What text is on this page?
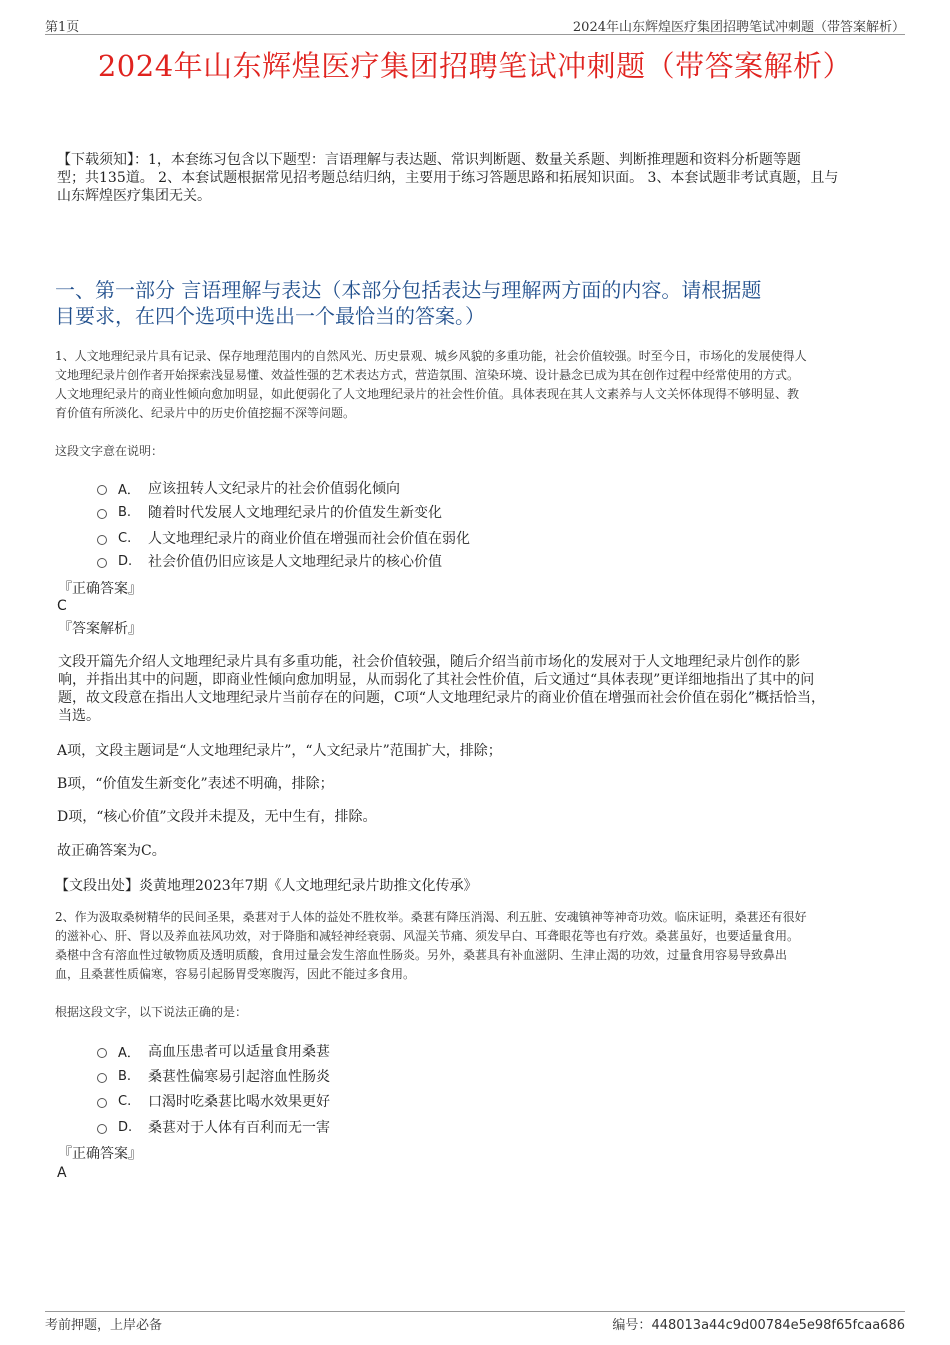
第1页	2024年山东辉煌医疗集团招聘笔试冲刺题（带答案解析）
2024年山东辉煌医疗集团招聘笔试冲刺题（带答案解析）
【下载须知】：1，本套练习包含以下题型：言语理解与表达题、常识判断题、数量关系题、判断推理题和资料分析题等题
型；共135道。 2、本套试题根据常见招考题总结归纳，主要用于练习答题思路和拓展知识面。 3、本套试题非考试真题，且与
山东辉煌医疗集团无关。
一、第一部分 言语理解与表达（本部分包括表达与理解两方面的内容。请根据题
目要求，在四个选项中选出一个最恰当的答案。）
1、人文地理纪录片具有记录、保存地理范围内的自然风光、历史景观、城乡风貌的多重功能，社会价值较强。时至今日，市场化的发展使得人
文地理纪录片创作者开始探索浅显易懂、效益性强的艺术表达方式，营造氛围、渲染环境、设计悬念已成为其在创作过程中经常使用的方式。
人文地理纪录片的商业性倾向愈加明显，如此便弱化了人文地理纪录片的社会性价值。具体表现在其人文素养与人文关怀体现得不够明显、教
育价值有所淡化、纪录片中的历史价值挖掘不深等问题。
这段文字意在说明：
A． 应该扭转人文纪录片的社会价值弱化倾向
B.	随着时代发展人文地理纪录片的价值发生新变化
C.	人文地理纪录片的商业价值在增强而社会价值在弱化
D.	社会价值仍旧应该是人文地理纪录片的核心价值
『正确答案』
C
『答案解析』
文段开篇先介绍人文地理纪录片具有多重功能，社会价值较强，随后介绍当前市场化的发展对于人文地理纪录片创作的影
响，并指出其中的问题，即商业性倾向愈加明显，从而弱化了其社会性价值，后文通过“具体表现”更详细地指出了其中的问
题，故文段意在指出人文地理纪录片当前存在的问题，C项“人文地理纪录片的商业价值在增强而社会价值在弱化”概括恰当，
当选。
A项，文段主题词是“人文地理纪录片”，“人文纪录片”范围扩大，排除；
B项，“价值发生新变化”表述不明确，排除；
D项，“核心价值”文段并未提及，无中生有，排除。
故正确答案为C。
【文段出处】炎黄地理2023年7期《人文地理纪录片助推文化传承》
2、作为汲取桑树精华的民间圣果，桑葚对于人体的益处不胜枚举。桑葚有降压消渴、利五脏、安魂镇神等神奇功效。临床证明，桑葚还有很好
的滋补心、肝、肾以及养血祛风功效，对于降脂和减轻神经衰弱、风湿关节痛、须发早白、耳聋眼花等也有疗效。桑葚虽好，也要适量食用。
桑椹中含有溶血性过敏物质及透明质酸，食用过量会发生溶血性肠炎。另外，桑葚具有补血滋阴、生津止渴的功效，过量食用容易导致鼻出
血，且桑葚性质偏寒，容易引起肠胃受寒腹泻，因此不能过多食用。
根据这段文字，以下说法正确的是：
A． 高血压患者可以适量食用桑葚
B.	桑葚性偏寒易引起溶血性肠炎
C.	口渴时吃桑葚比喝水效果更好
D.	桑葚对于人体有百利而无一害
『正确答案』
A
考前押题，上岸必备	编号：448013a44c9d00784e5e98f65fcaa686
